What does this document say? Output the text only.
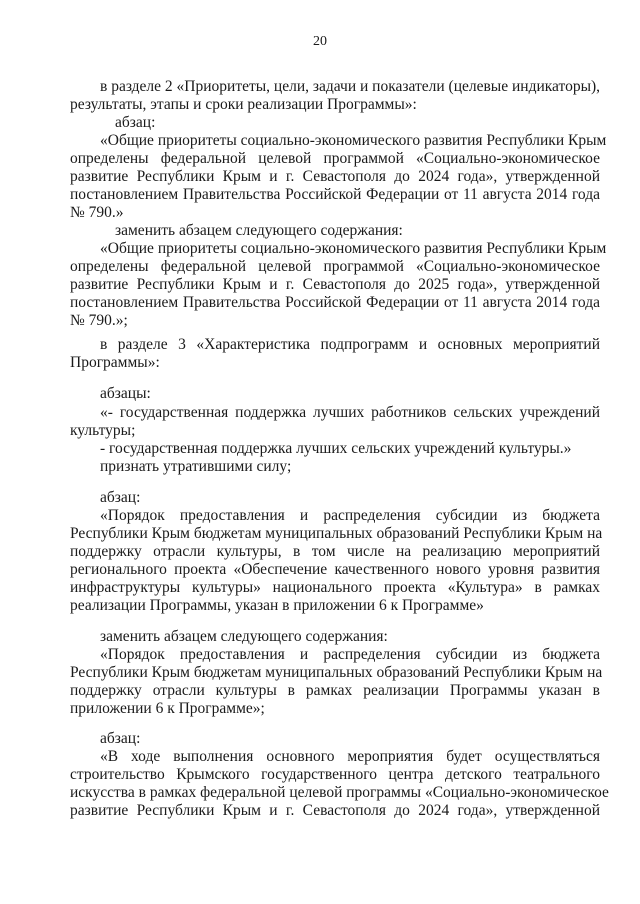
20
в разделе 2 «Приоритеты, цели, задачи и показатели (целевые индикаторы),
результаты, этапы и сроки реализации Программы»:
абзац:
«Общие приоритеты социально-экономического развития Республики Крым
определены федеральной целевой программой «Социально-экономическое
развитие Республики Крым и г. Севастополя до 2024 года», утвержденной
постановлением Правительства Российской Федерации от 11 августа 2014 года
№ 790.»
заменить абзацем следующего содержания:
«Общие приоритеты социально-экономического развития Республики Крым
определены федеральной целевой программой «Социально-экономическое
развитие Республики Крым и г. Севастополя до 2025 года», утвержденной
постановлением Правительства Российской Федерации от 11 августа 2014 года
№ 790.»;
в разделе 3 «Характеристика подпрограмм и основных мероприятий
Программы»:
абзацы:
«- государственная поддержка лучших работников сельских учреждений
культуры;
- государственная поддержка лучших сельских учреждений культуры.»
признать утратившими силу;
абзац:
«Порядок предоставления и распределения субсидии из бюджета
Республики Крым бюджетам муниципальных образований Республики Крым на
поддержку отрасли культуры, в том числе на реализацию мероприятий
регионального проекта «Обеспечение качественного нового уровня развития
инфраструктуры культуры» национального проекта «Культура» в рамках
реализации Программы, указан в приложении 6 к Программе»
заменить абзацем следующего содержания:
«Порядок предоставления и распределения субсидии из бюджета
Республики Крым бюджетам муниципальных образований Республики Крым на
поддержку отрасли культуры в рамках реализации Программы указан в
приложении 6 к Программе»;
абзац:
«В ходе выполнения основного мероприятия будет осуществляться
строительство Крымского государственного центра детского театрального
искусства в рамках федеральной целевой программы «Социально-экономическое
развитие Республики Крым и г. Севастополя до 2024 года», утвержденной
